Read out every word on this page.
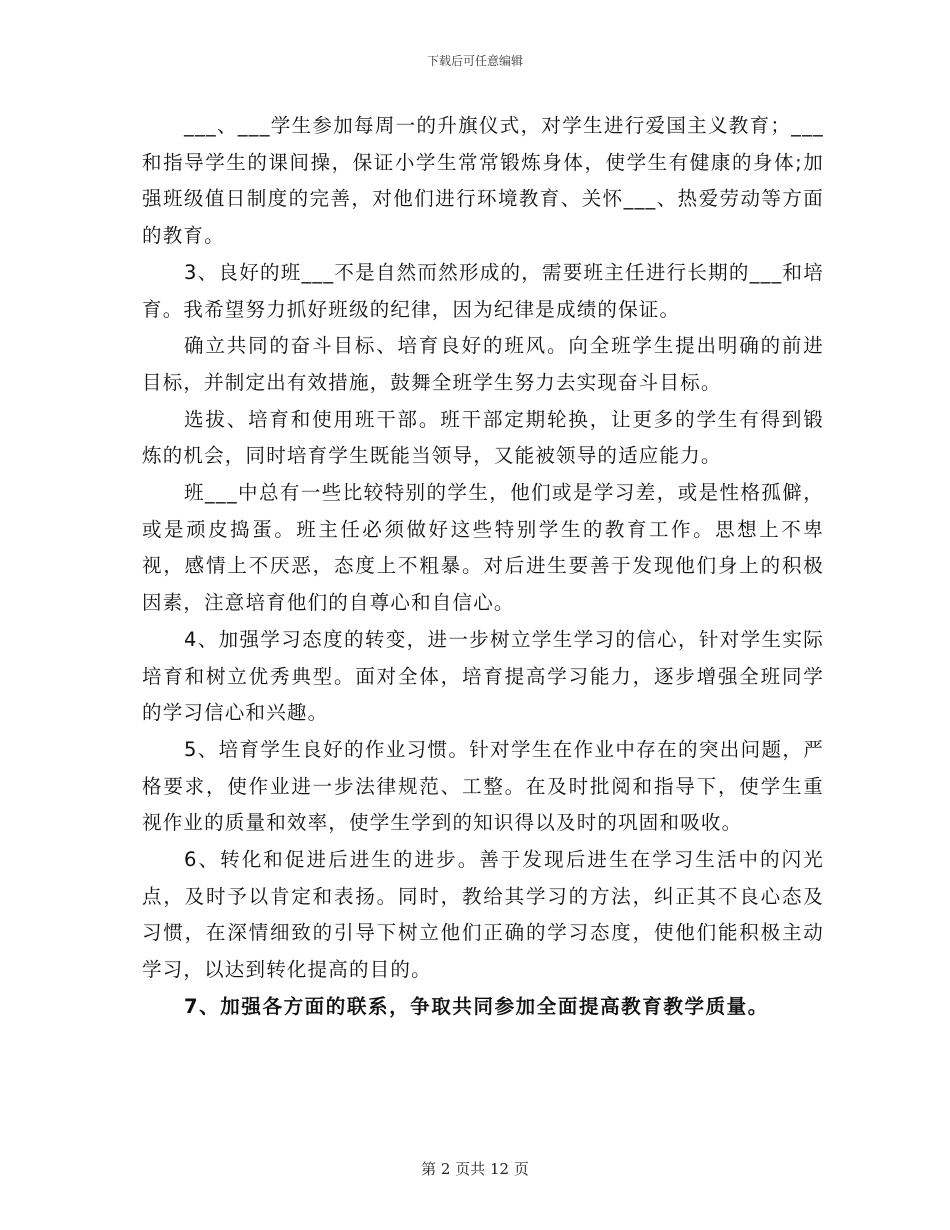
下载后可任意编辑

___、___学生参加每周一的升旗仪式，对学生进行爱国主义教育；___和指导学生的课间操，保证小学生常常锻炼身体，使学生有健康的身体;加强班级值日制度的完善，对他们进行环境教育、关怀___、热爱劳动等方面的教育。

3、良好的班___不是自然而然形成的，需要班主任进行长期的___和培育。我希望努力抓好班级的纪律，因为纪律是成绩的保证。

确立共同的奋斗目标、培育良好的班风。向全班学生提出明确的前进目标，并制定出有效措施，鼓舞全班学生努力去实现奋斗目标。

选拔、培育和使用班干部。班干部定期轮换，让更多的学生有得到锻炼的机会，同时培育学生既能当领导，又能被领导的适应能力。

班___中总有一些比较特别的学生，他们或是学习差，或是性格孤僻，或是顽皮捣蛋。班主任必须做好这些特别学生的教育工作。思想上不卑视，感情上不厌恶，态度上不粗暴。对后进生要善于发现他们身上的积极因素，注意培育他们的自尊心和自信心。

4、加强学习态度的转变，进一步树立学生学习的信心，针对学生实际培育和树立优秀典型。面对全体，培育提高学习能力，逐步增强全班同学的学习信心和兴趣。

5、培育学生良好的作业习惯。针对学生在作业中存在的突出问题，严格要求，使作业进一步法律规范、工整。在及时批阅和指导下，使学生重视作业的质量和效率，使学生学到的知识得以及时的巩固和吸收。

6、转化和促进后进生的进步。善于发现后进生在学习生活中的闪光点，及时予以肯定和表扬。同时，教给其学习的方法，纠正其不良心态及习惯，在深情细致的引导下树立他们正确的学习态度，使他们能积极主动学习，以达到转化提高的目的。

7、加强各方面的联系，争取共同参加全面提高教育教学质量。

第 2 页共 12 页
